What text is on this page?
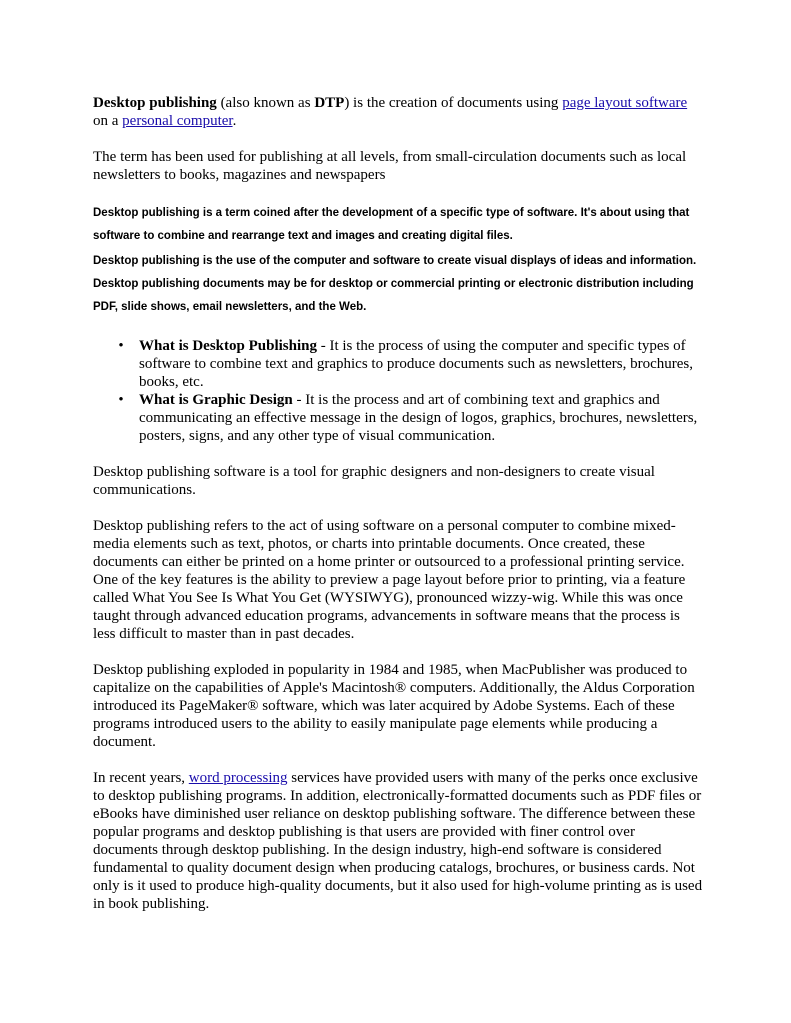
Desktop publishing (also known as DTP) is the creation of documents using page layout software on a personal computer.

The term has been used for publishing at all levels, from small-circulation documents such as local newsletters to books, magazines and newspapers

Desktop publishing is a term coined after the development of a specific type of software. It's about using that software to combine and rearrange text and images and creating digital files.

Desktop publishing is the use of the computer and software to create visual displays of ideas and information. Desktop publishing documents may be for desktop or commercial printing or electronic distribution including PDF, slide shows, email newsletters, and the Web.

• What is Desktop Publishing - It is the process of using the computer and specific types of software to combine text and graphics to produce documents such as newsletters, brochures, books, etc.
• What is Graphic Design - It is the process and art of combining text and graphics and communicating an effective message in the design of logos, graphics, brochures, newsletters, posters, signs, and any other type of visual communication.

Desktop publishing software is a tool for graphic designers and non-designers to create visual communications.

Desktop publishing refers to the act of using software on a personal computer to combine mixed-media elements such as text, photos, or charts into printable documents. Once created, these documents can either be printed on a home printer or outsourced to a professional printing service. One of the key features is the ability to preview a page layout before prior to printing, via a feature called What You See Is What You Get (WYSIWYG), pronounced wizzy-wig. While this was once taught through advanced education programs, advancements in software means that the process is less difficult to master than in past decades.

Desktop publishing exploded in popularity in 1984 and 1985, when MacPublisher was produced to capitalize on the capabilities of Apple's Macintosh® computers. Additionally, the Aldus Corporation introduced its PageMaker® software, which was later acquired by Adobe Systems. Each of these programs introduced users to the ability to easily manipulate page elements while producing a document.

In recent years, word processing services have provided users with many of the perks once exclusive to desktop publishing programs. In addition, electronically-formatted documents such as PDF files or eBooks have diminished user reliance on desktop publishing software. The difference between these popular programs and desktop publishing is that users are provided with finer control over documents through desktop publishing. In the design industry, high-end software is considered fundamental to quality document design when producing catalogs, brochures, or business cards. Not only is it used to produce high-quality documents, but it also used for high-volume printing as is used in book publishing.
